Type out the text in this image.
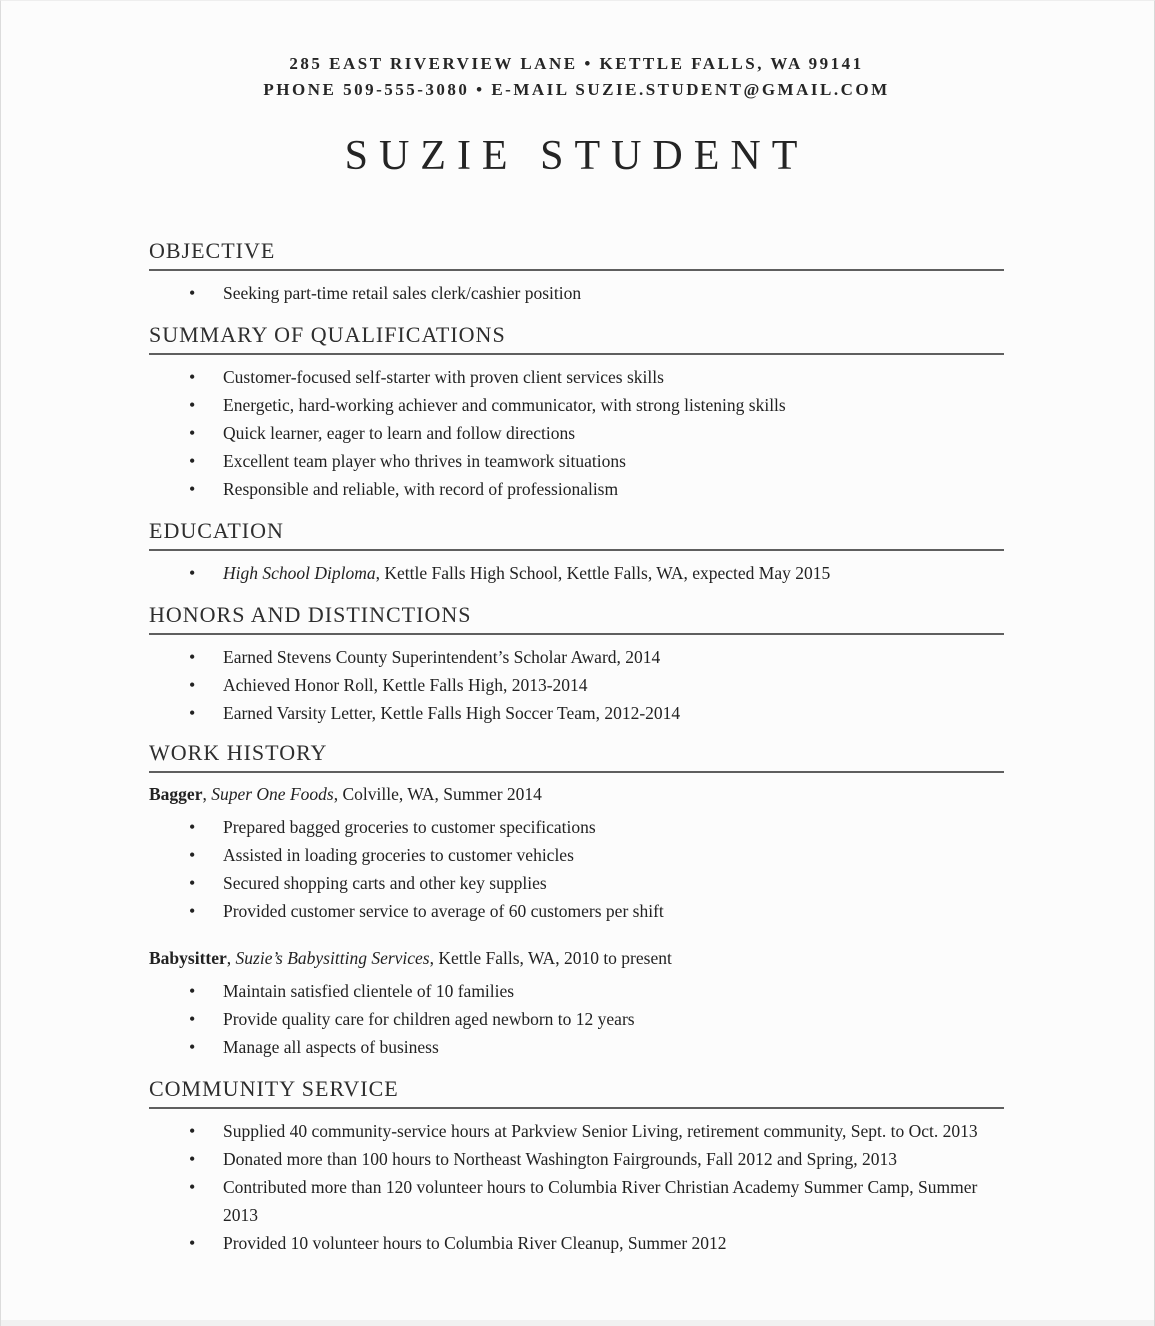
285 EAST RIVERVIEW LANE • KETTLE FALLS, WA 99141
PHONE 509-555-3080 • E-MAIL SUZIE.STUDENT@GMAIL.COM
SUZIE STUDENT
OBJECTIVE
• Seeking part-time retail sales clerk/cashier position
SUMMARY OF QUALIFICATIONS
• Customer-focused self-starter with proven client services skills
• Energetic, hard-working achiever and communicator, with strong listening skills
• Quick learner, eager to learn and follow directions
• Excellent team player who thrives in teamwork situations
• Responsible and reliable, with record of professionalism
EDUCATION
• High School Diploma, Kettle Falls High School, Kettle Falls, WA, expected May 2015
HONORS AND DISTINCTIONS
• Earned Stevens County Superintendent’s Scholar Award, 2014
• Achieved Honor Roll, Kettle Falls High, 2013-2014
• Earned Varsity Letter, Kettle Falls High Soccer Team, 2012-2014
WORK HISTORY

Bagger, Super One Foods, Colville, WA, Summer 2014

• Prepared bagged groceries to customer specifications
• Assisted in loading groceries to customer vehicles
• Secured shopping carts and other key supplies
• Provided customer service to average of 60 customers per shift

Babysitter, Suzie’s Babysitting Services, Kettle Falls, WA, 2010 to present

• Maintain satisfied clientele of 10 families
• Provide quality care for children aged newborn to 12 years
• Manage all aspects of business
COMMUNITY SERVICE
• Supplied 40 community-service hours at Parkview Senior Living, retirement community, Sept. to Oct. 2013
• Donated more than 100 hours to Northeast Washington Fairgrounds, Fall 2012 and Spring, 2013
• Contributed more than 120 volunteer hours to Columbia River Christian Academy Summer Camp, Summer 2013
• Provided 10 volunteer hours to Columbia River Cleanup, Summer 2012
